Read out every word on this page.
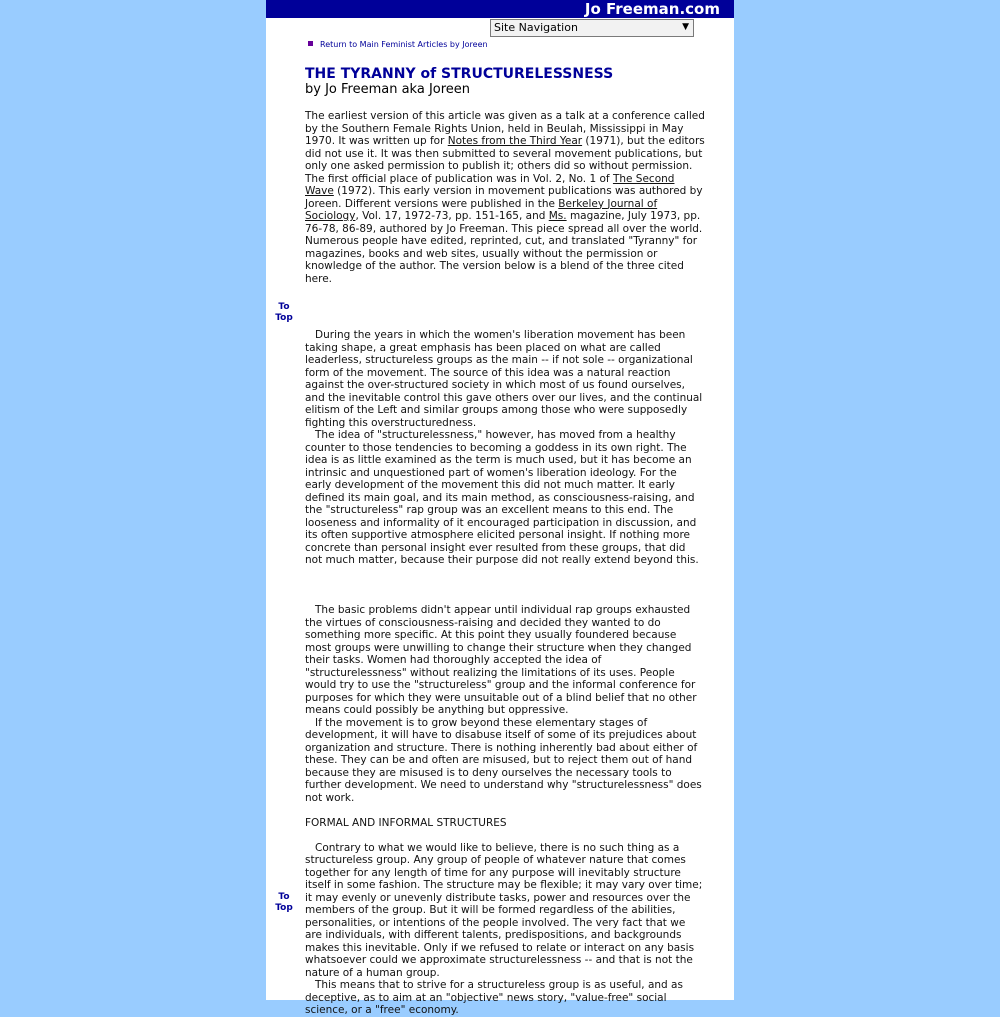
Jo Freeman.com
Site Navigation	▼
Return to Main Feminist Articles by Joreen
THE TYRANNY of STRUCTURELESSNESS
by Jo Freeman aka Joreen

The earliest version of this article was given as a talk at a conference called by the Southern Female Rights Union, held in Beulah, Mississippi in May 1970. It was written up for Notes from the Third Year (1971), but the editors did not use it. It was then submitted to several movement publications, but only one asked permission to publish it; others did so without permission. The first official place of publication was in Vol. 2, No. 1 of The Second Wave (1972). This early version in movement publications was authored by Joreen. Different versions were published in the Berkeley Journal of Sociology, Vol. 17, 1972-73, pp. 151-165, and Ms. magazine, July 1973, pp. 76-78, 86-89, authored by Jo Freeman. This piece spread all over the world. Numerous people have edited, reprinted, cut, and translated "Tyranny" for magazines, books and web sites, usually without the permission or knowledge of the author. The version below is a blend of the three cited here.

To Top

During the years in which the women's liberation movement has been taking shape, a great emphasis has been placed on what are called leaderless, structureless groups as the main -- if not sole -- organizational form of the movement. The source of this idea was a natural reaction against the over-structured society in which most of us found ourselves, and the inevitable control this gave others over our lives, and the continual elitism of the Left and similar groups among those who were supposedly fighting this overstructuredness.

The idea of "structurelessness," however, has moved from a healthy counter to those tendencies to becoming a goddess in its own right. The idea is as little examined as the term is much used, but it has become an intrinsic and unquestioned part of women's liberation ideology. For the early development of the movement this did not much matter. It early defined its main goal, and its main method, as consciousness-raising, and the "structureless" rap group was an excellent means to this end. The looseness and informality of it encouraged participation in discussion, and its often supportive atmosphere elicited personal insight. If nothing more concrete than personal insight ever resulted from these groups, that did not much matter, because their purpose did not really extend beyond this.

The basic problems didn't appear until individual rap groups exhausted the virtues of consciousness-raising and decided they wanted to do something more specific. At this point they usually foundered because most groups were unwilling to change their structure when they changed their tasks. Women had thoroughly accepted the idea of "structurelessness" without realizing the limitations of its uses. People would try to use the "structureless" group and the informal conference for purposes for which they were unsuitable out of a blind belief that no other means could possibly be anything but oppressive.

If the movement is to grow beyond these elementary stages of development, it will have to disabuse itself of some of its prejudices about organization and structure. There is nothing inherently bad about either of these. They can be and often are misused, but to reject them out of hand because they are misused is to deny ourselves the necessary tools to further development. We need to understand why "structurelessness" does not work.

FORMAL AND INFORMAL STRUCTURES

Contrary to what we would like to believe, there is no such thing as a structureless group. Any group of people of whatever nature that comes together for any length of time for any purpose will inevitably structure itself in some fashion. The structure may be flexible; it may vary over time; it may evenly or unevenly distribute tasks, power and resources over the members of the group. But it will be formed regardless of the abilities, personalities, or intentions of the people involved. The very fact that we are individuals, with different talents, predispositions, and backgrounds makes this inevitable. Only if we refused to relate or interact on any basis whatsoever could we approximate structurelessness -- and that is not the nature of a human group.

This means that to strive for a structureless group is as useful, and as deceptive, as to aim at an "objective" news story, "value-free" social science, or a "free" economy.

To Top
